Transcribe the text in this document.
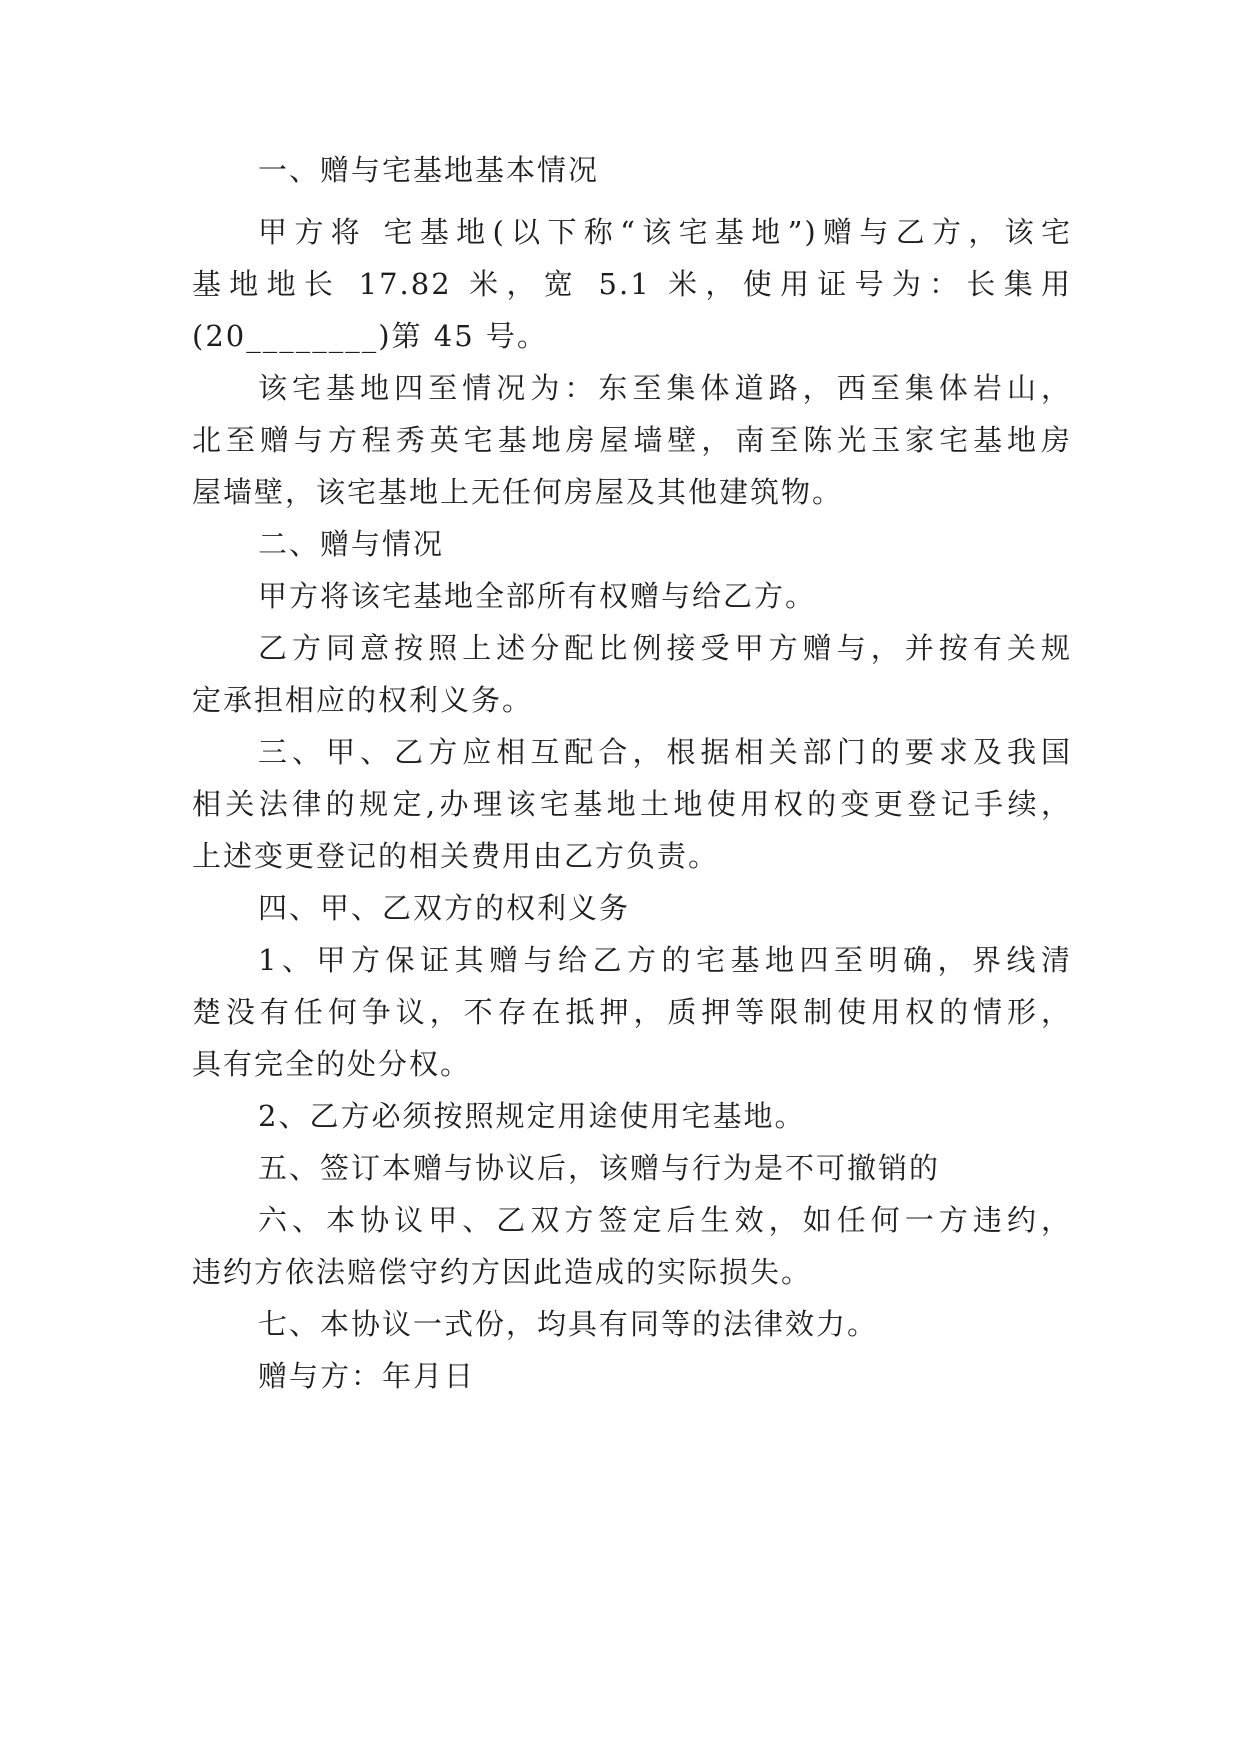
一、赠与宅基地基本情况
甲方将 宅基地(以下称“该宅基地”)赠与乙方，该宅
基地地长 17.82 米，宽 5.1 米，使用证号为：长集用
(20________)第 45 号。
该宅基地四至情况为：东至集体道路，西至集体岩山，
北至赠与方程秀英宅基地房屋墙壁，南至陈光玉家宅基地房
屋墙壁，该宅基地上无任何房屋及其他建筑物。
二、赠与情况
甲方将该宅基地全部所有权赠与给乙方。
乙方同意按照上述分配比例接受甲方赠与，并按有关规
定承担相应的权利义务。
三、甲、乙方应相互配合，根据相关部门的要求及我国
相关法律的规定,办理该宅基地土地使用权的变更登记手续，
上述变更登记的相关费用由乙方负责。
四、甲、乙双方的权利义务
1、甲方保证其赠与给乙方的宅基地四至明确，界线清
楚没有任何争议，不存在抵押，质押等限制使用权的情形，
具有完全的处分权。
2、乙方必须按照规定用途使用宅基地。
五、签订本赠与协议后，该赠与行为是不可撤销的
六、本协议甲、乙双方签定后生效，如任何一方违约，
违约方依法赔偿守约方因此造成的实际损失。
七、本协议一式份，均具有同等的法律效力。
赠与方：年月日
